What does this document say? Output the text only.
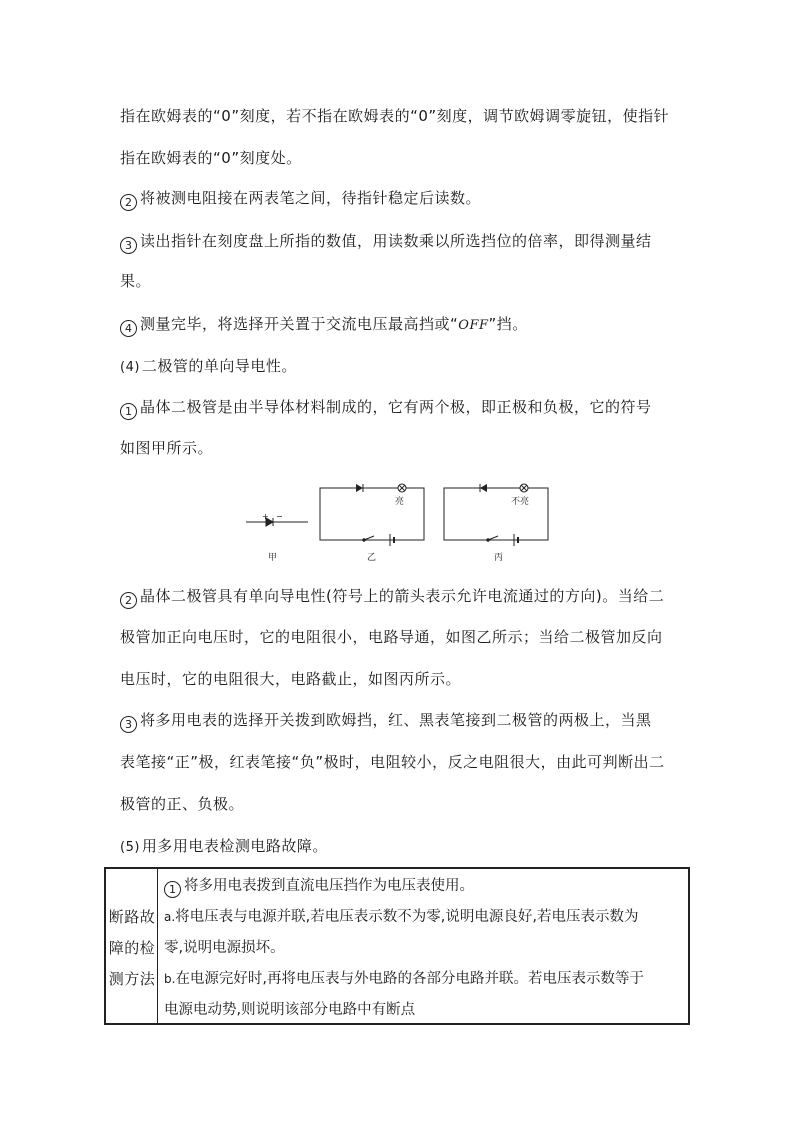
指在欧姆表的“0”刻度，若不指在欧姆表的“0”刻度，调节欧姆调零旋钮，使指针
指在欧姆表的“0”刻度处。
2 将被测电阻接在两表笔之间，待指针稳定后读数。
3 读出指针在刻度盘上所指的数值，用读数乘以所选挡位的倍率，即得测量结
果。
4 测量完毕，将选择开关置于交流电压最高挡或“OFF”挡。
(4) 二极管的单向导电性。
1 晶体二极管是由半导体材料制成的，它有两个极，即正极和负极，它的符号
如图甲所示。
+ −
亮	不亮
甲	乙	丙
2 晶体二极管具有单向导电性(符号上的箭头表示允许电流通过的方向)。当给二
极管加正向电压时，它的电阻很小，电路导通，如图乙所示；当给二极管加反向
电压时，它的电阻很大，电路截止，如图丙所示。
3 将多用电表的选择开关拨到欧姆挡，红、黑表笔接到二极管的两极上，当黑
表笔接“正”极，红表笔接“负”极时，电阻较小，反之电阻很大，由此可判断出二
极管的正、负极。
(5) 用多用电表检测电路故障。
断路故
障的检
测方法
1 将多用电表拨到直流电压挡作为电压表使用。
a.将电压表与电源并联,若电压表示数不为零,说明电源良好,若电压表示数为
零,说明电源损坏。
b.在电源完好时,再将电压表与外电路的各部分电路并联。若电压表示数等于
电源电动势,则说明该部分电路中有断点
